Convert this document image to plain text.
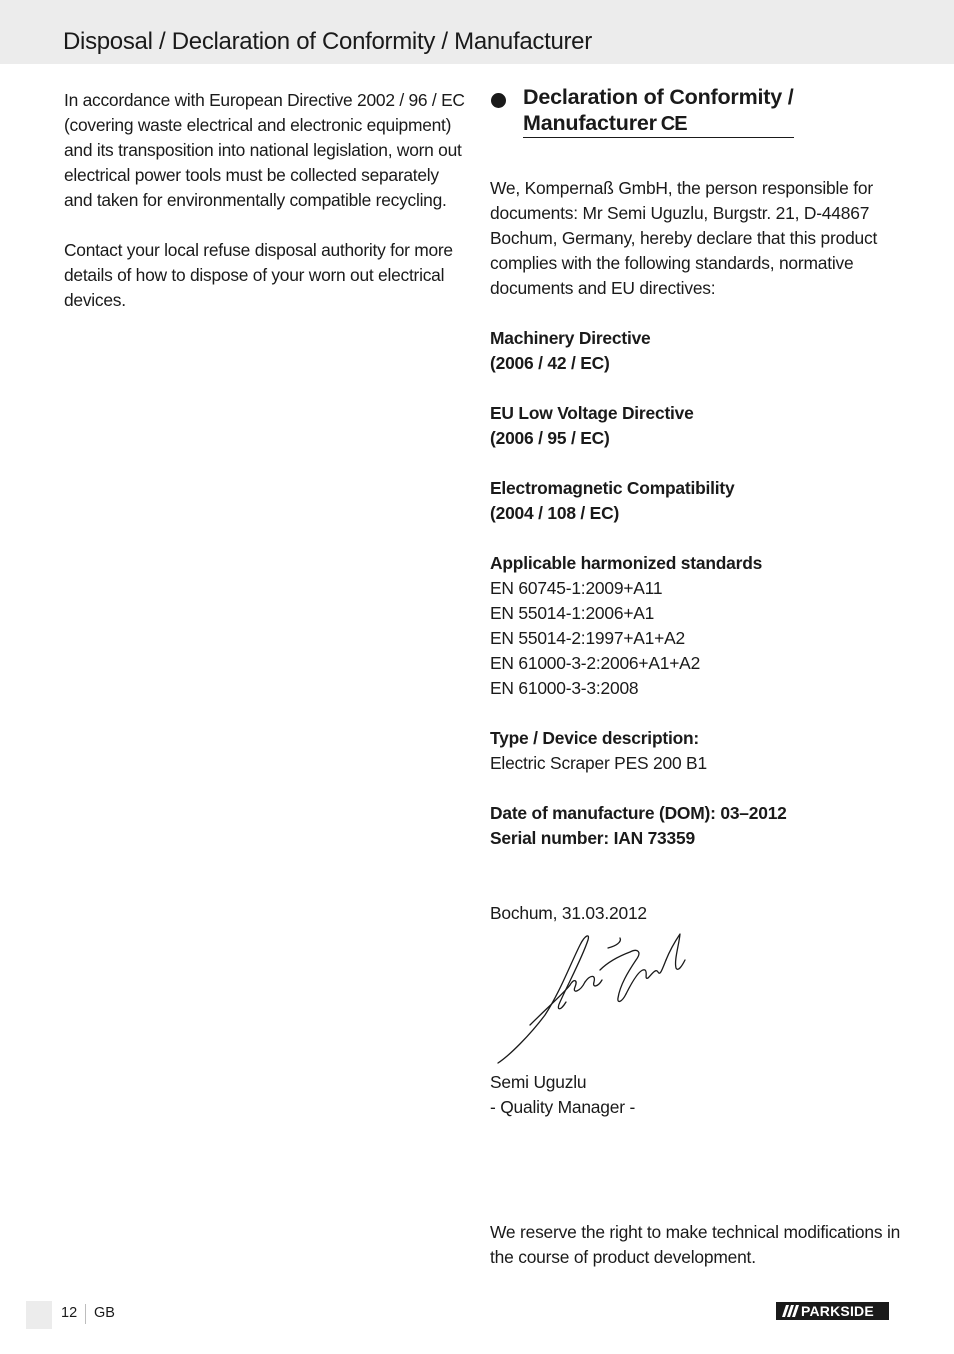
Disposal / Declaration of Conformity / Manufacturer

In accordance with European Directive 2002 / 96 / EC (covering waste electrical and electronic equipment) and its transposition into national legislation, worn out electrical power tools must be collected separately and taken for environmentally compatible recycling.

Contact your local refuse disposal authority for more details of how to dispose of your worn out electrical devices.

Declaration of Conformity /
Manufacturer CE

We, Kompernaß GmbH, the person responsible for documents: Mr Semi Uguzlu, Burgstr. 21, D-44867 Bochum, Germany, hereby declare that this product complies with the following standards, normative documents and EU directives:

Machinery Directive
(2006 / 42 / EC)
EU Low Voltage Directive
(2006 / 95 / EC)
Electromagnetic Compatibility
(2004 / 108 / EC)
Applicable harmonized standards
EN 60745-1:2009+A11
EN 55014-1:2006+A1
EN 55014-2:1997+A1+A2
EN 61000-3-2:2006+A1+A2
EN 61000-3-3:2008
Type / Device description:
Electric Scraper PES 200 B1
Date of manufacture (DOM): 03–2012
Serial number: IAN 73359
Bochum, 31.03.2012
Semi Uguzlu
- Quality Manager -
We reserve the right to make technical modifications in the course of product development.
12 GB	PARKSIDE
